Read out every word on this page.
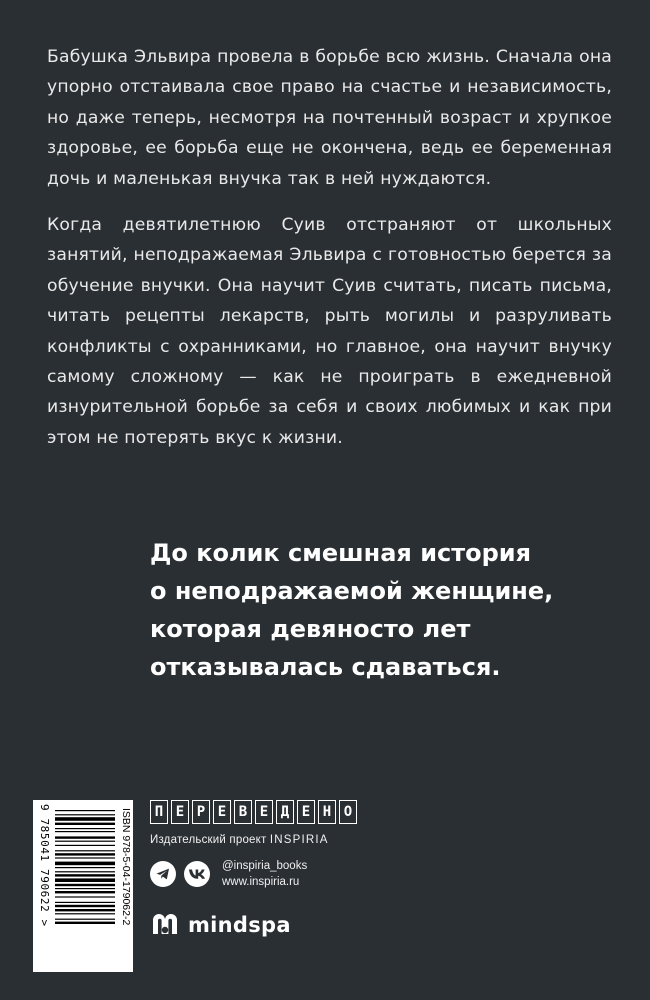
Бабушка Эльвира провела в борьбе всю жизнь. Сначала она упорно отстаивала свое право на счастье и независимость, но даже теперь, несмотря на почтенный возраст и хрупкое здоровье, ее борьба еще не окончена, ведь ее беременная дочь и маленькая внучка так в ней нуждаются.

Когда девятилетнюю Суив отстраняют от школьных занятий, неподражаемая Эльвира с готовностью берется за обучение внучки. Она научит Суив считать, писать письма, читать рецепты лекарств, рыть могилы и разруливать конфликты с охранниками, но главное, она научит внучку самому сложному — как не проиграть в ежедневной изнурительной борьбе за себя и своих любимых и как при этом не потерять вкус к жизни.

До колик смешная история
о неподражаемой женщине,
которая девяносто лет
отказывалась сдаваться.
ISBN 978-5-04-179062-2
9 785041 790622 >	П Е Р Е В Е Д Е Н О
Издательский проект INSPIRIA
@inspiria_books
www.inspiria.ru
mindspa
